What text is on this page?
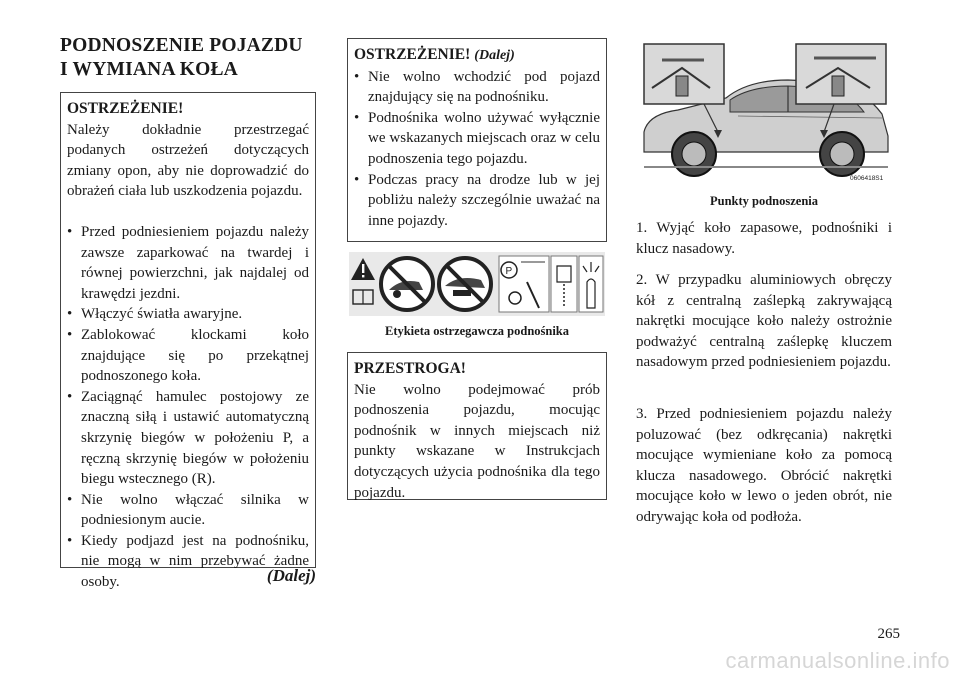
PODNOSZENIE POJAZDU
I WYMIANA KOŁA
OSTRZEŻENIE!
Należy dokładnie przestrzegać podanych ostrzeżeń dotyczących zmiany opon, aby nie doprowadzić do obrażeń ciała lub uszkodzenia pojazdu.
• Przed podniesieniem pojazdu należy zawsze zaparkować na twardej i równej powierzchni, jak najdalej od krawędzi jezdni.
• Włączyć światła awaryjne.
• Zablokować klockami koło znajdujące się po przekątnej podnoszonego koła.
• Zaciągnąć hamulec postojowy ze znaczną siłą i ustawić automatyczną skrzynię biegów w położeniu P, a ręczną skrzynię biegów w położeniu biegu wstecznego (R).
• Nie wolno włączać silnika w podniesionym aucie.
• Kiedy podjazd jest na podnośniku, nie mogą w nim przebywać żadne osoby.	(Dalej)
OSTRZEŻENIE! (Dalej)
• Nie wolno wchodzić pod pojazd znajdujący się na podnośniku.
• Podnośnika wolno używać wyłącznie we wskazanych miejscach oraz w celu podnoszenia tego pojazdu.
• Podczas pracy na drodze lub w jej pobliżu należy szczególnie uważać na inne pojazdy.
P
Etykieta ostrzegawcza podnośnika
PRZESTROGA!
Nie wolno podejmować prób podnoszenia pojazdu, mocując podnośnik w innych miejscach niż punkty wskazane w Instrukcjach dotyczących użycia podnośnika dla tego pojazdu.
0606418S1
Punkty podnoszenia
1. Wyjąć koło zapasowe, podnośniki i klucz nasadowy.
2. W przypadku aluminiowych obręczy kół z centralną zaślepką zakrywającą nakrętki mocujące koło należy ostrożnie podważyć centralną zaślepkę kluczem nasadowym przed podniesieniem pojazdu.
3. Przed podniesieniem pojazdu należy poluzować (bez odkręcania) nakrętki mocujące wymieniane koło za pomocą klucza nasadowego. Obrócić nakrętki mocujące koło w lewo o jeden obrót, nie odrywając koła od podłoża.
265
carmanualsonline.info
